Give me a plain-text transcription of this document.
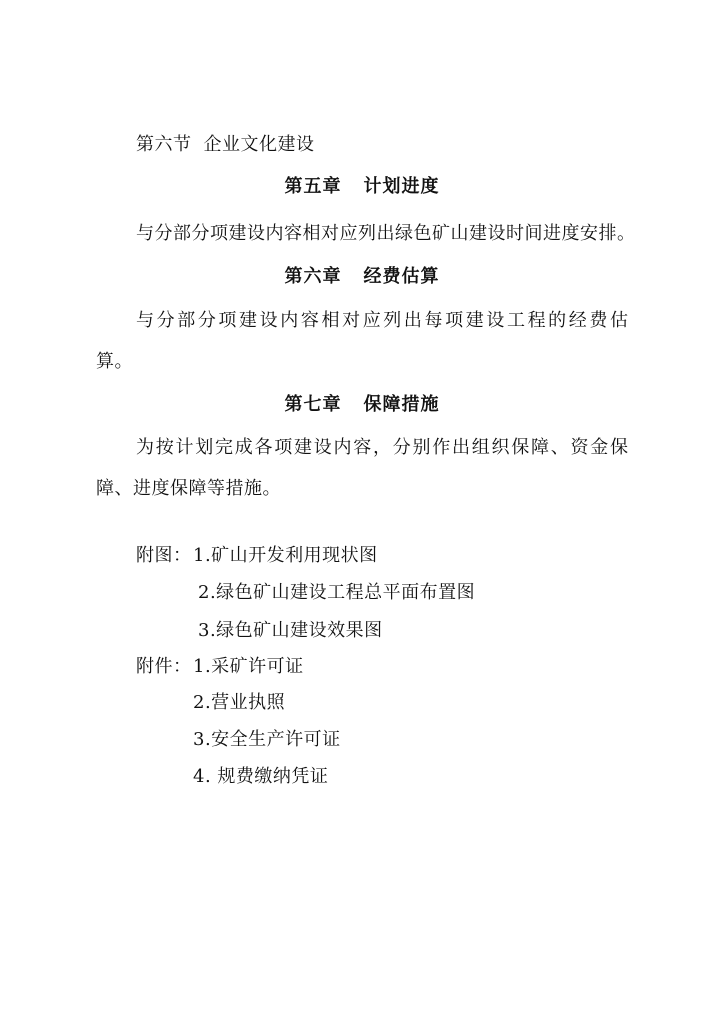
第六节 企业文化建设
第五章 计划进度
与分部分项建设内容相对应列出绿色矿山建设时间进度安排。
第六章 经费估算
与分部分项建设内容相对应列出每项建设工程的经费估
算。
第七章 保障措施
为按计划完成各项建设内容，分别作出组织保障、资金保
障、进度保障等措施。
附图： 1.矿山开发利用现状图
2.绿色矿山建设工程总平面布置图
3.绿色矿山建设效果图
附件： 1.采矿许可证
2.营业执照
3.安全生产许可证
4. 规费缴纳凭证
